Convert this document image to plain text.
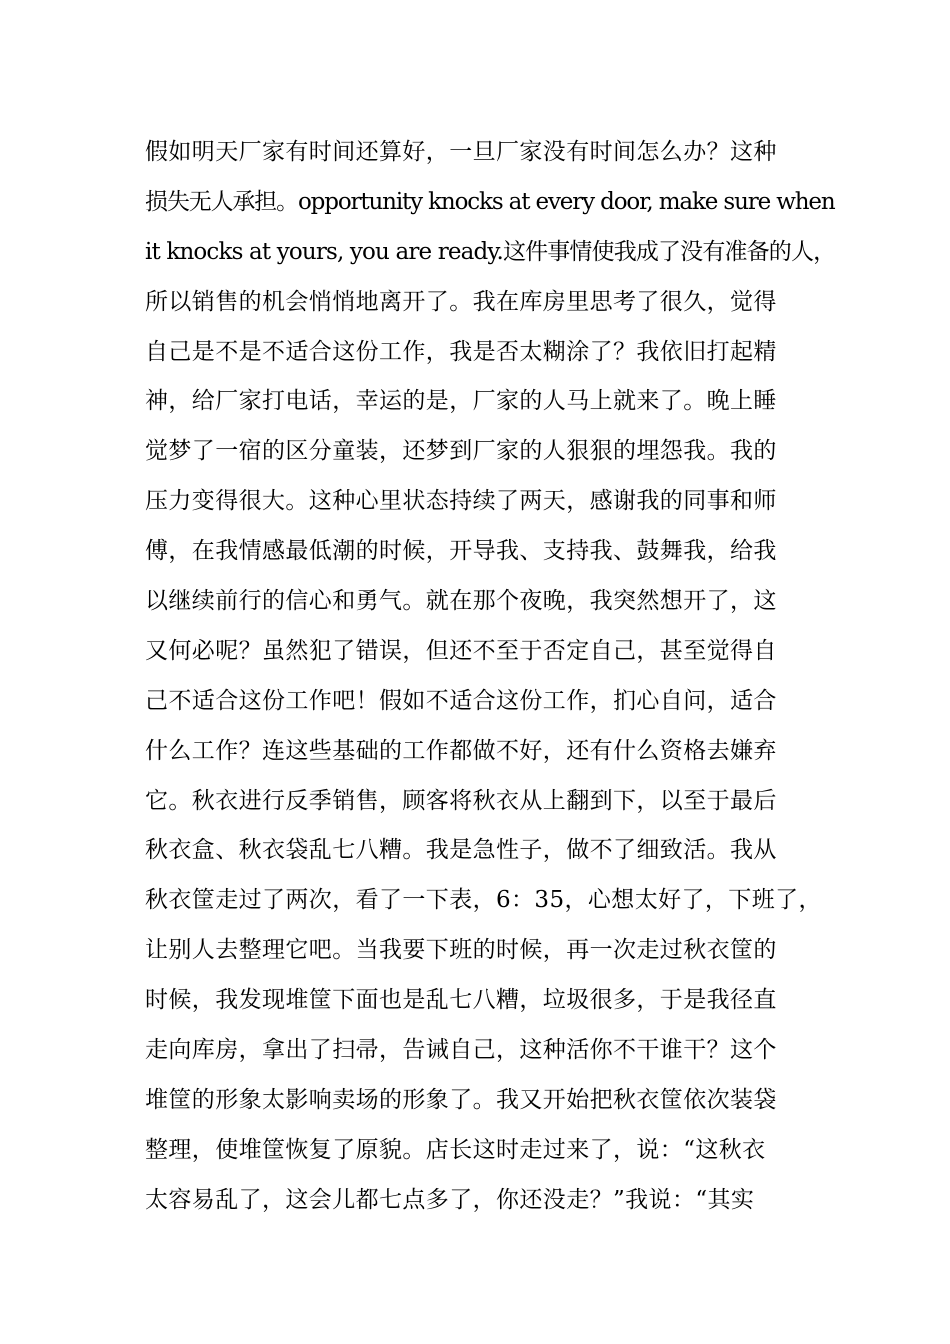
假如明天厂家有时间还算好，一旦厂家没有时间怎么办？这种
损失无人承担。opportunity knocks at every door, make sure when
it knocks at yours, you are ready.这件事情使我成了没有准备的人，
所以销售的机会悄悄地离开了。我在库房里思考了很久，觉得
自己是不是不适合这份工作，我是否太糊涂了？我依旧打起精
神，给厂家打电话，幸运的是，厂家的人马上就来了。晚上睡
觉梦了一宿的区分童装，还梦到厂家的人狠狠的埋怨我。我的
压力变得很大。这种心里状态持续了两天，感谢我的同事和师
傅，在我情感最低潮的时候，开导我、支持我、鼓舞我，给我
以继续前行的信心和勇气。就在那个夜晚，我突然想开了，这
又何必呢？虽然犯了错误，但还不至于否定自己，甚至觉得自
己不适合这份工作吧！假如不适合这份工作，扪心自问，适合
什么工作？连这些基础的工作都做不好，还有什么资格去嫌弃
它。秋衣进行反季销售，顾客将秋衣从上翻到下，以至于最后
秋衣盒、秋衣袋乱七八糟。我是急性子，做不了细致活。我从
秋衣筐走过了两次，看了一下表，6：35，心想太好了，下班了，
让别人去整理它吧。当我要下班的时候，再一次走过秋衣筐的
时候，我发现堆筐下面也是乱七八糟，垃圾很多，于是我径直
走向库房，拿出了扫帚，告诫自己，这种活你不干谁干？这个
堆筐的形象太影响卖场的形象了。我又开始把秋衣筐依次装袋
整理，使堆筐恢复了原貌。店长这时走过来了，说：“这秋衣
太容易乱了，这会儿都七点多了，你还没走？”我说：“其实
